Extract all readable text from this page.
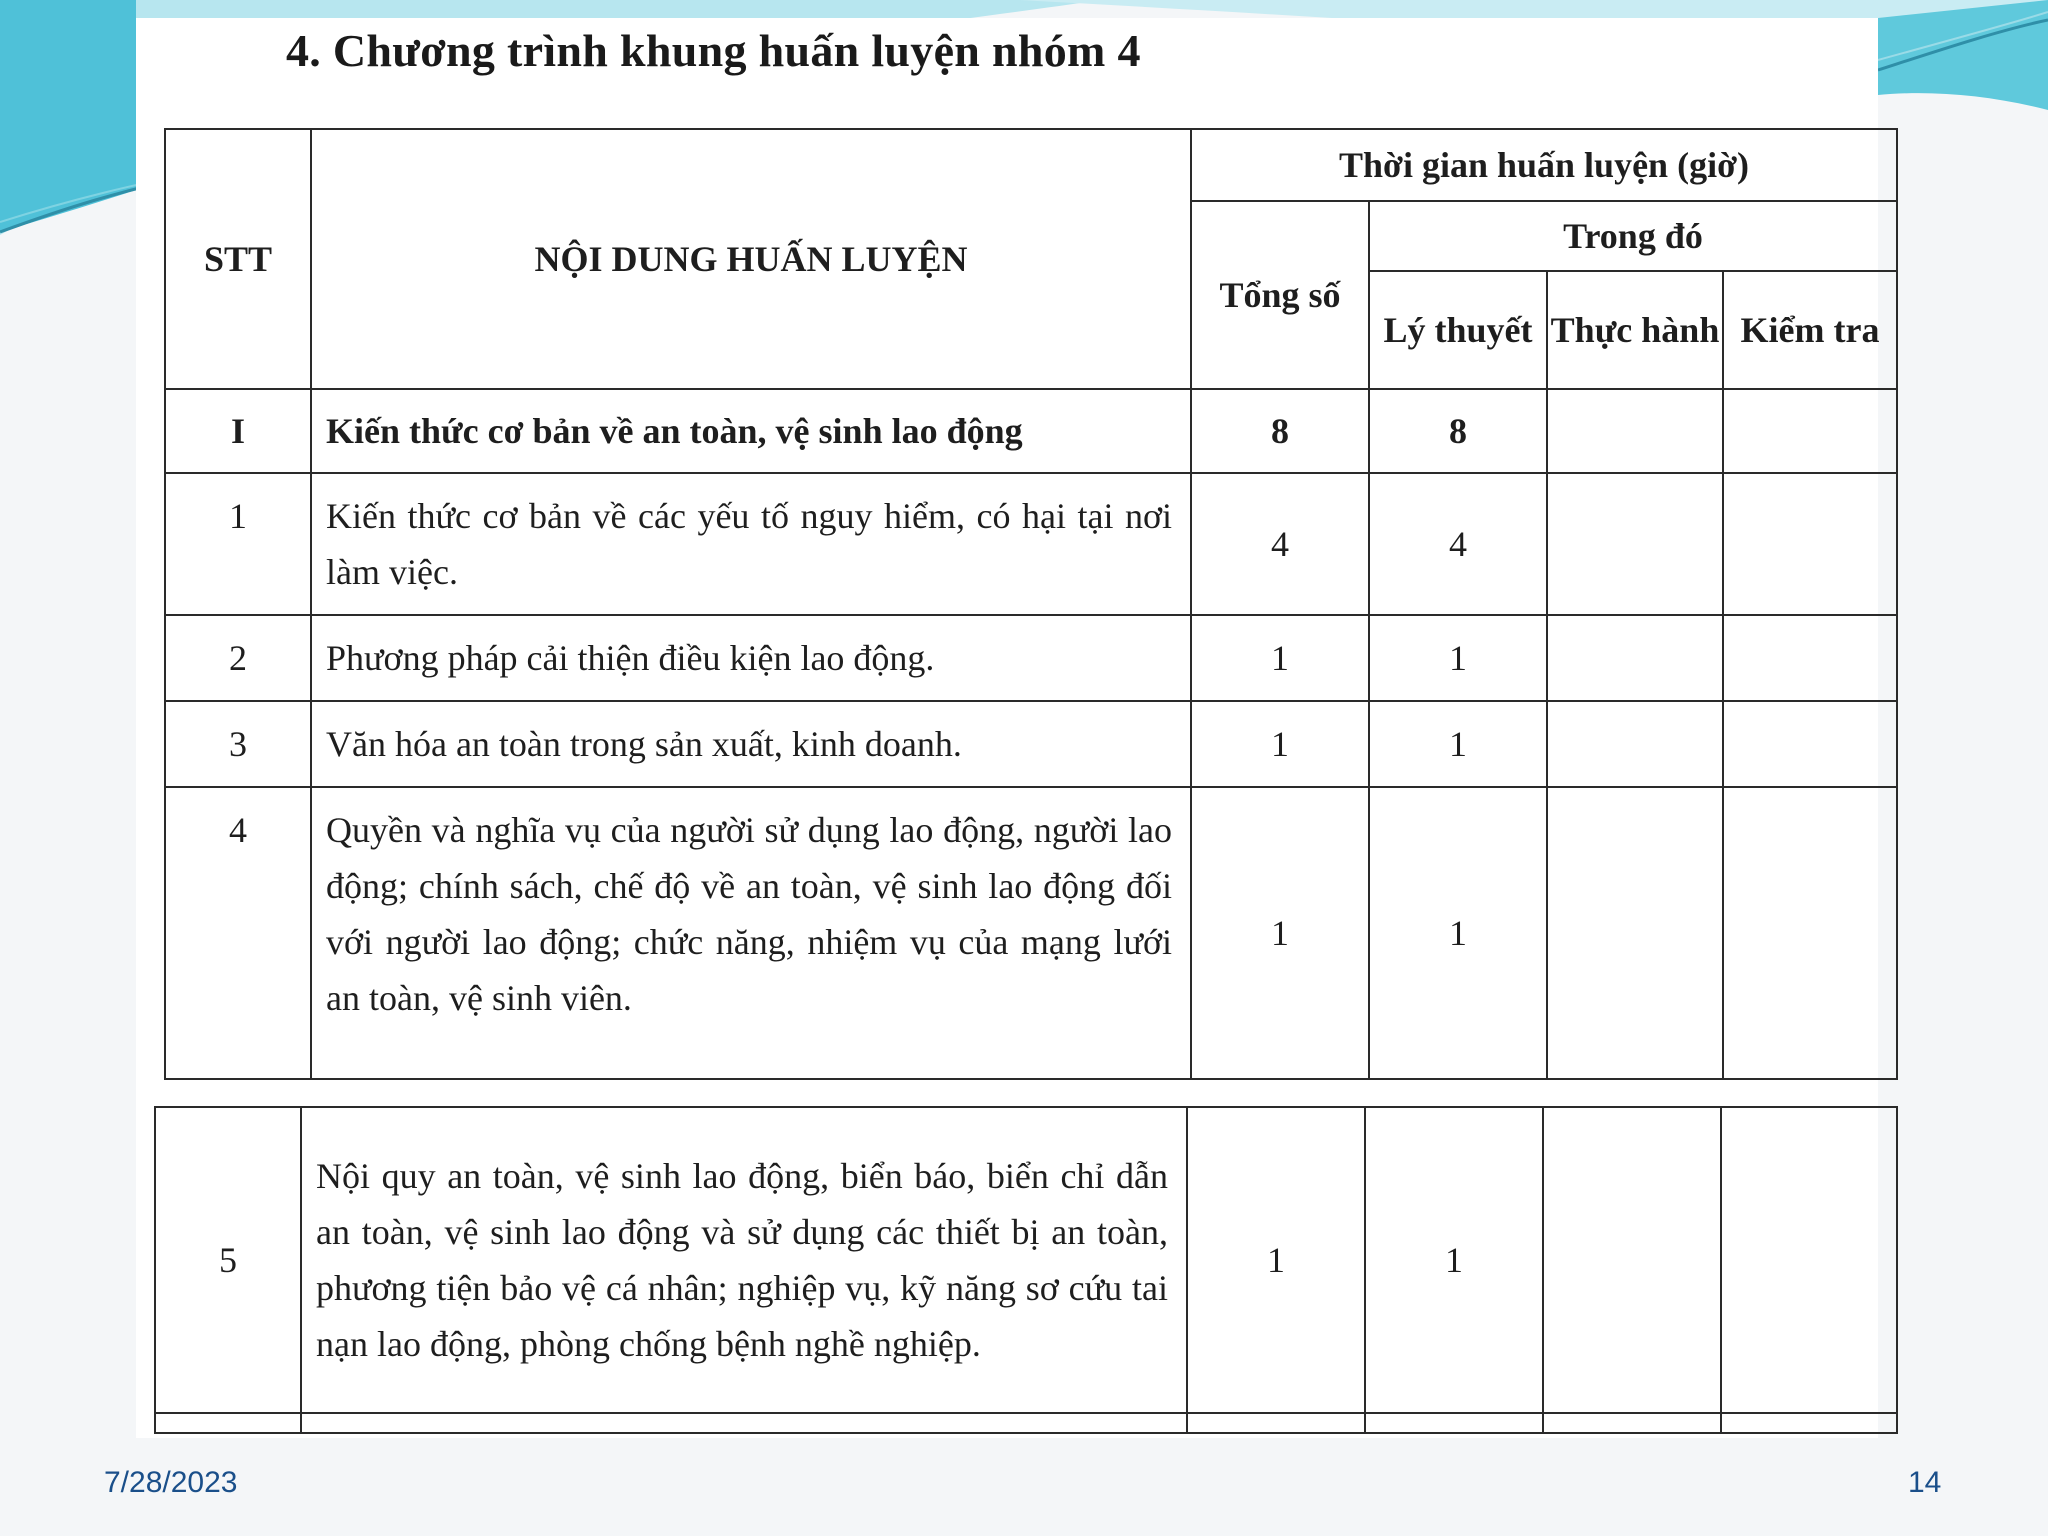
4. Chương trình khung huấn luyện nhóm 4
STT	NỘI DUNG HUẤN LUYỆN	Thời gian huấn luyện (giờ)			
		Tổng số	Trong đó		
			Lý thuyết	Thực hành	Kiểm tra
I	Kiến thức cơ bản về an toàn, vệ sinh lao động	8	8		
1	Kiến thức cơ bản về các yếu tố nguy hiểm, có hại tại nơi làm việc.	4	4		
2	Phương pháp cải thiện điều kiện lao động.	1	1		
3	Văn hóa an toàn trong sản xuất, kinh doanh.	1	1		
4	Quyền và nghĩa vụ của người sử dụng lao động, người lao động; chính sách, chế độ về an toàn, vệ sinh lao động đối với người lao động; chức năng, nhiệm vụ của mạng lưới an toàn, vệ sinh viên.	1	1		
5	Nội quy an toàn, vệ sinh lao động, biển báo, biển chỉ dẫn an toàn, vệ sinh lao động và sử dụng các thiết bị an toàn, phương tiện bảo vệ cá nhân; nghiệp vụ, kỹ năng sơ cứu tai nạn lao động, phòng chống bệnh nghề nghiệp.	1	1		

7/28/2023	14
